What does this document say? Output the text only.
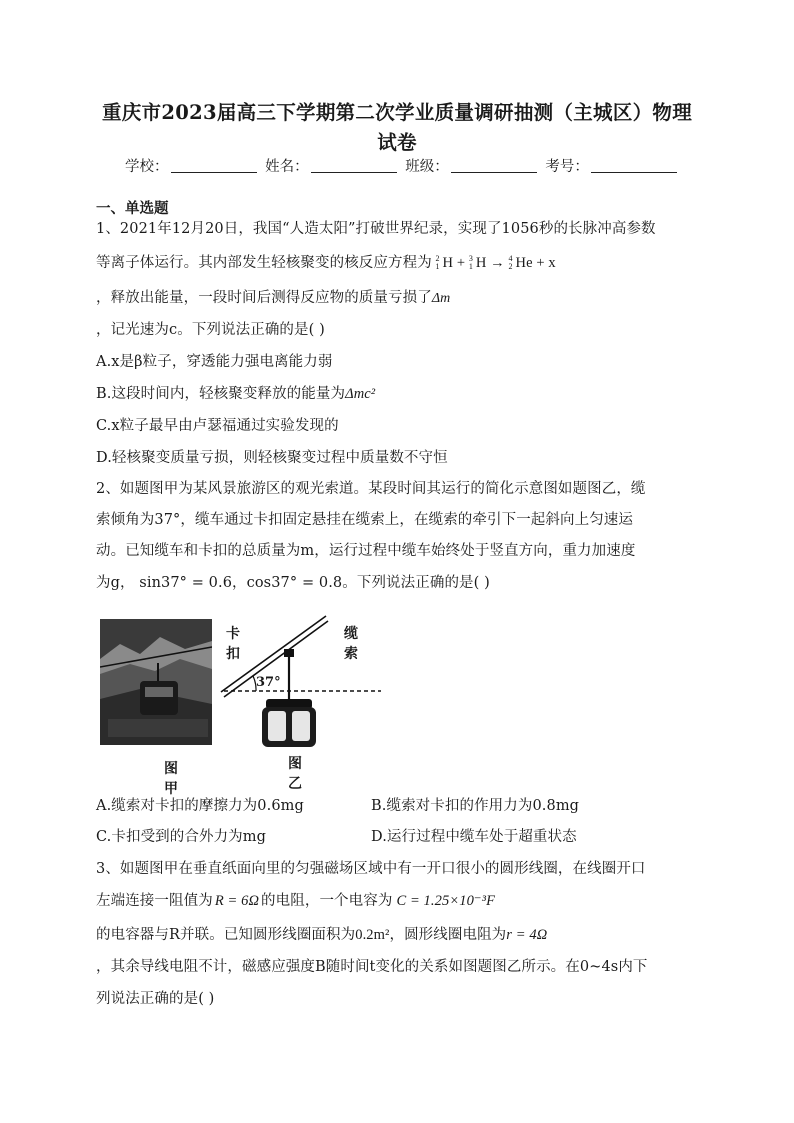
重庆市2023届高三下学期第二次学业质量调研抽测（主城区）物理
试卷
学校：	姓名：	班级：	考号：
一、单选题
1、2021年12月20日，我国“人造太阳”打破世界纪录，实现了1056秒的长脉冲高参数
等离子体运行。其内部发生轻核聚变的核反应方程为 2
1 H + 3
1 H → 4
2 He + x
，释放出能量，一段时间后测得反应物的质量亏损了Δm
，记光速为c。下列说法正确的是( )
A.x是β粒子，穿透能力强电离能力弱
B.这段时间内，轻核聚变释放的能量为Δmc²
C.x粒子最早由卢瑟福通过实验发现的
D.轻核聚变质量亏损，则轻核聚变过程中质量数不守恒
2、如题图甲为某风景旅游区的观光索道。某段时间其运行的简化示意图如题图乙，缆
索倾角为37°，缆车通过卡扣固定悬挂在缆索上，在缆索的牵引下一起斜向上匀速运
动。已知缆车和卡扣的总质量为m，运行过程中缆车始终处于竖直方向，重力加速度
为g， sin37° = 0.6，cos37° = 0.8。下列说法正确的是( )
卡扣
缆索
37°
图甲
图乙
A.缆索对卡扣的摩擦力为0.6mg	B.缆索对卡扣的作用力为0.8mg
C.卡扣受到的合外力为mg	D.运行过程中缆车处于超重状态
3、如题图甲在垂直纸面向里的匀强磁场区域中有一开口很小的圆形线圈，在线圈开口
左端连接一阻值为 R = 6Ω 的电阻，一个电容为 C = 1.25×10⁻³F
的电容器与R并联。已知圆形线圈面积为0.2m²，圆形线圈电阻为r = 4Ω
，其余导线电阻不计，磁感应强度B随时间t变化的关系如图题图乙所示。在0~4s内下
列说法正确的是( )
